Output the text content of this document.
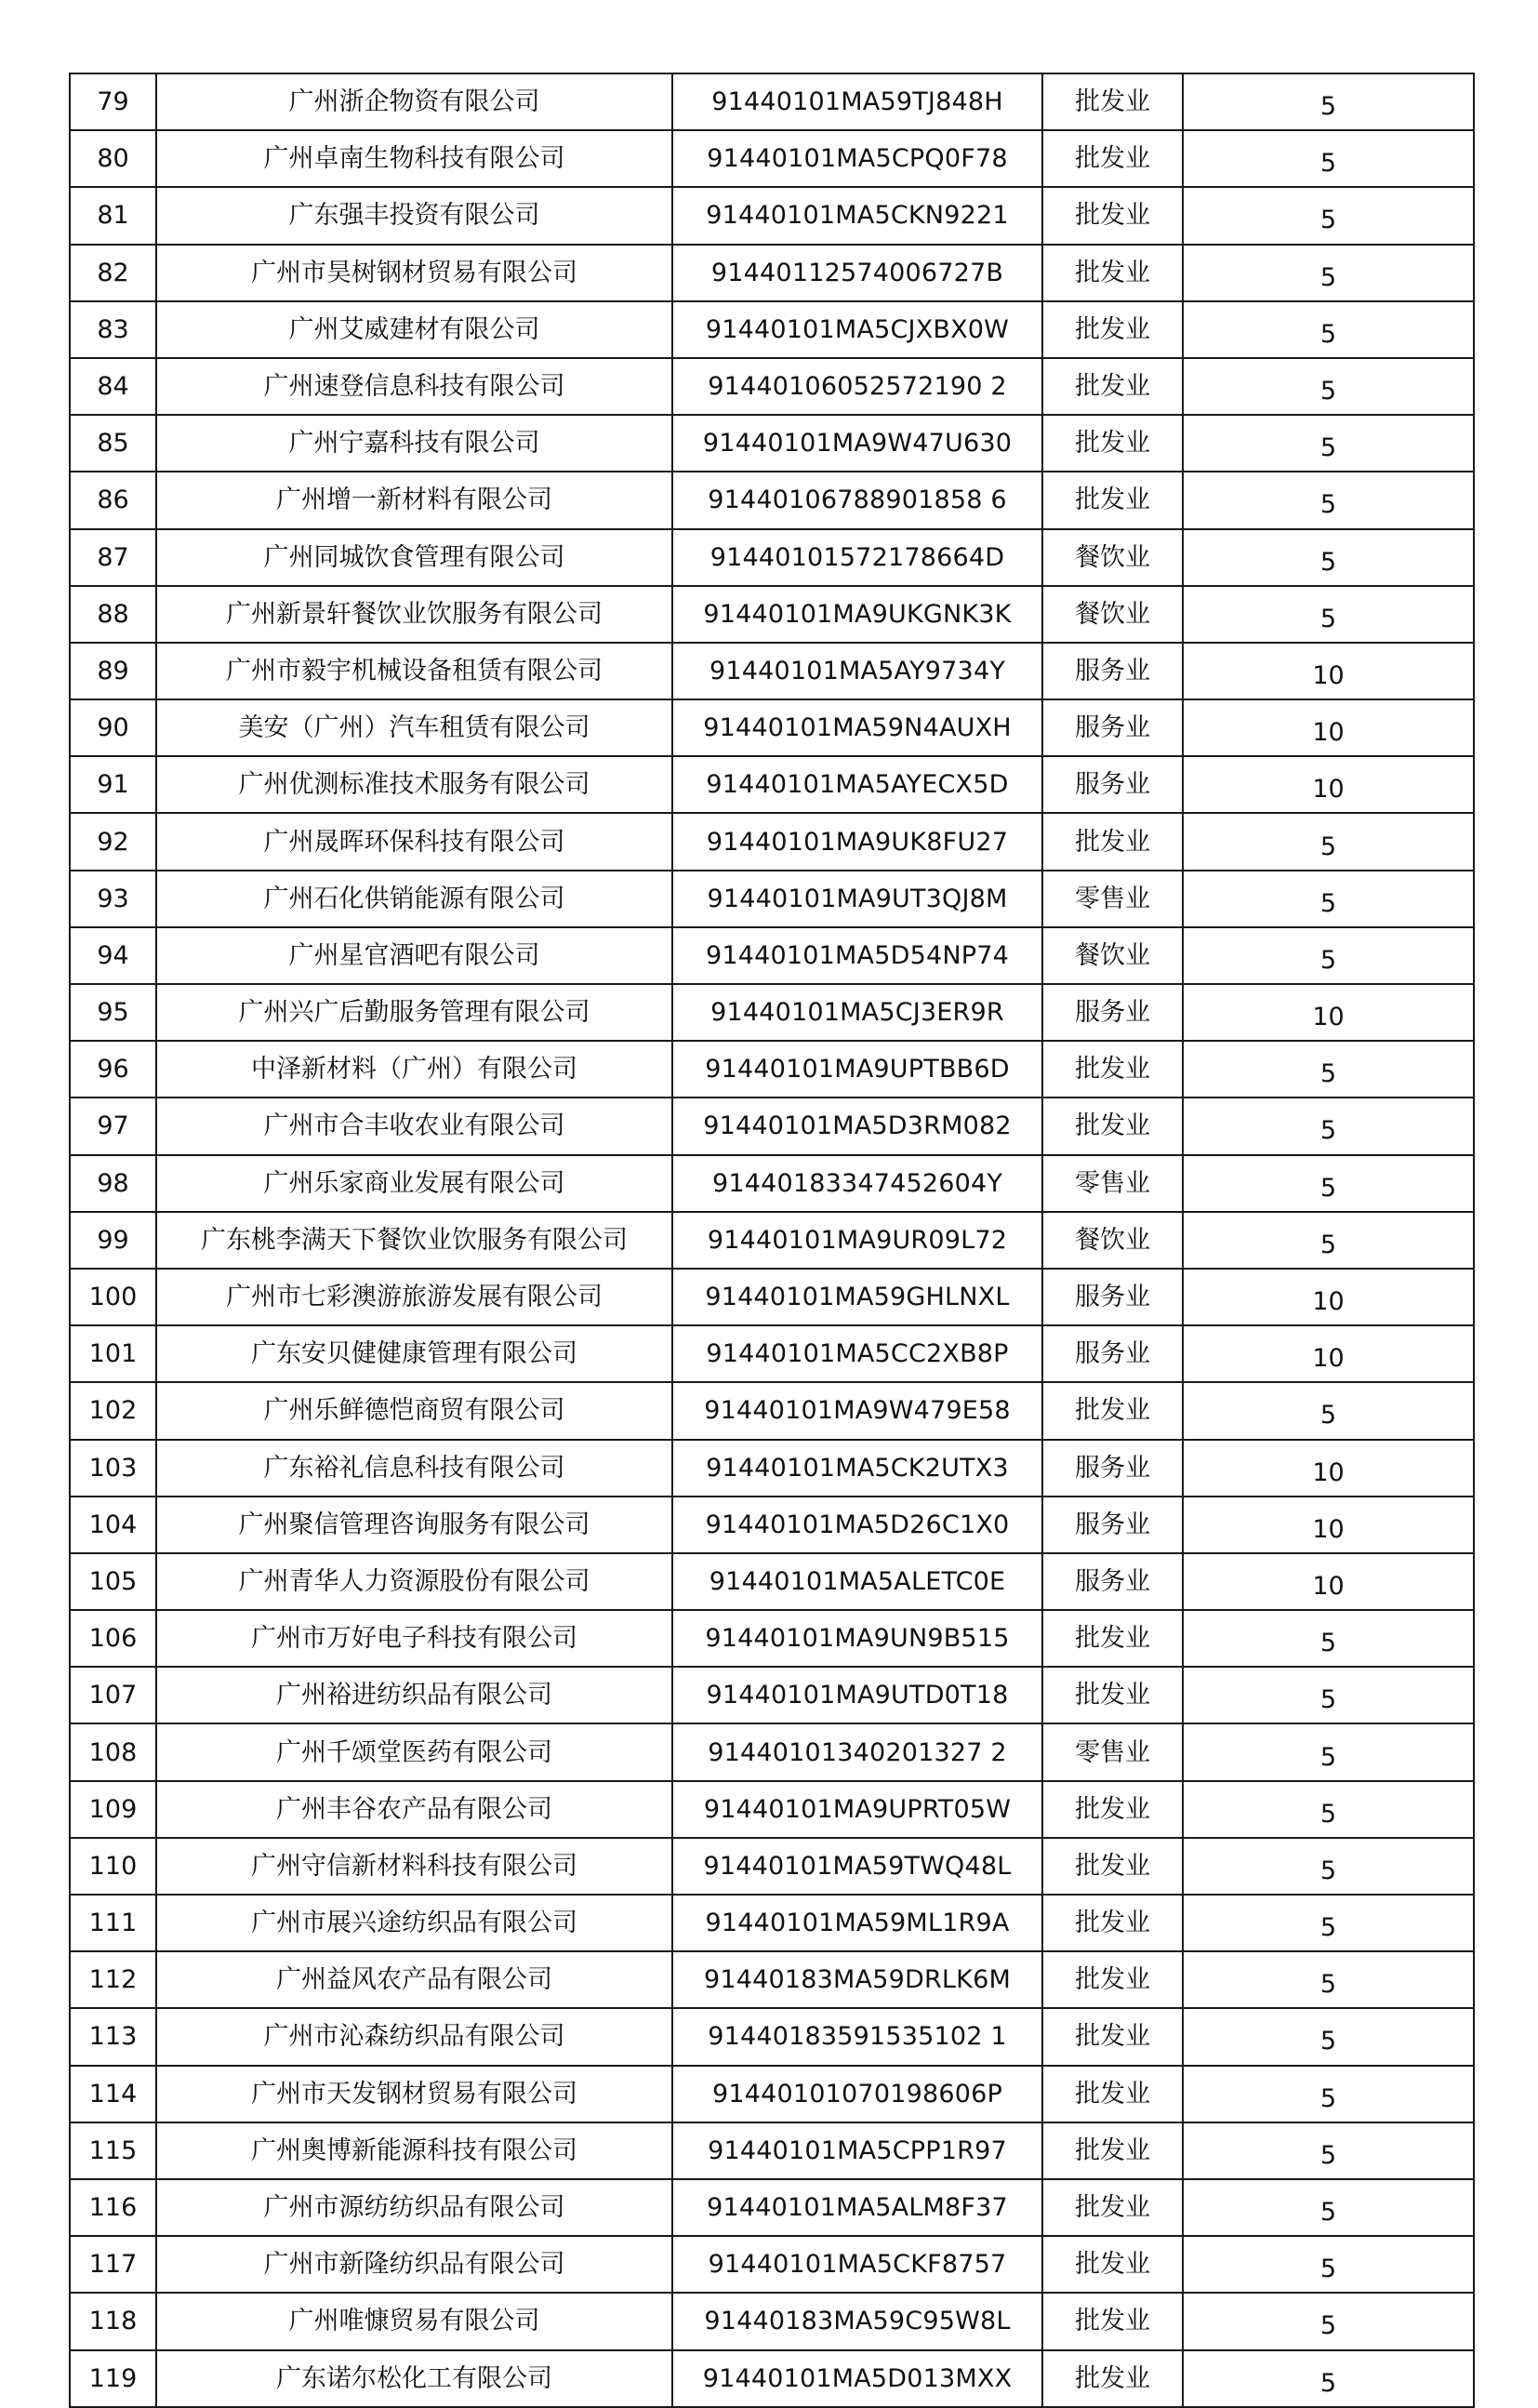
79	广州浙企物资有限公司	91440101MA59TJ848H	批发业	5
80	广州卓南生物科技有限公司	91440101MA5CPQ0F78	批发业	5
81	广东强丰投资有限公司	91440101MA5CKN9221	批发业	5
82	广州市昊树钢材贸易有限公司	91440112574006727B	批发业	5
83	广州艾威建材有限公司	91440101MA5CJXBX0W	批发业	5
84	广州速登信息科技有限公司	91440106052572190 2	批发业	5
85	广州宁嘉科技有限公司	91440101MA9W47U630	批发业	5
86	广州增一新材料有限公司	91440106788901858 6	批发业	5
87	广州同城饮食管理有限公司	91440101572178664D	餐饮业	5
88	广州新景轩餐饮业饮服务有限公司	91440101MA9UKGNK3K	餐饮业	5
89	广州市毅宇机械设备租赁有限公司	91440101MA5AY9734Y	服务业	10
90	美安（广州）汽车租赁有限公司	91440101MA59N4AUXH	服务业	10
91	广州优测标准技术服务有限公司	91440101MA5AYECX5D	服务业	10
92	广州晟晖环保科技有限公司	91440101MA9UK8FU27	批发业	5
93	广州石化供销能源有限公司	91440101MA9UT3QJ8M	零售业	5
94	广州星官酒吧有限公司	91440101MA5D54NP74	餐饮业	5
95	广州兴广后勤服务管理有限公司	91440101MA5CJ3ER9R	服务业	10
96	中泽新材料（广州）有限公司	91440101MA9UPTBB6D	批发业	5
97	广州市合丰收农业有限公司	91440101MA5D3RM082	批发业	5
98	广州乐家商业发展有限公司	91440183347452604Y	零售业	5
99	广东桃李满天下餐饮业饮服务有限公司	91440101MA9UR09L72	餐饮业	5
100	广州市七彩澳游旅游发展有限公司	91440101MA59GHLNXL	服务业	10
101	广东安贝健健康管理有限公司	91440101MA5CC2XB8P	服务业	10
102	广州乐鲜德恺商贸有限公司	91440101MA9W479E58	批发业	5
103	广东裕礼信息科技有限公司	91440101MA5CK2UTX3	服务业	10
104	广州聚信管理咨询服务有限公司	91440101MA5D26C1X0	服务业	10
105	广州青华人力资源股份有限公司	91440101MA5ALETC0E	服务业	10
106	广州市万好电子科技有限公司	91440101MA9UN9B515	批发业	5
107	广州裕进纺织品有限公司	91440101MA9UTD0T18	批发业	5
108	广州千颂堂医药有限公司	91440101340201327 2	零售业	5
109	广州丰谷农产品有限公司	91440101MA9UPRT05W	批发业	5
110	广州守信新材料科技有限公司	91440101MA59TWQ48L	批发业	5
111	广州市展兴途纺织品有限公司	91440101MA59ML1R9A	批发业	5
112	广州益风农产品有限公司	91440183MA59DRLK6M	批发业	5
113	广州市沁森纺织品有限公司	91440183591535102 1	批发业	5
114	广州市天发钢材贸易有限公司	91440101070198606P	批发业	5
115	广州奥博新能源科技有限公司	91440101MA5CPP1R97	批发业	5
116	广州市源纺纺织品有限公司	91440101MA5ALM8F37	批发业	5
117	广州市新隆纺织品有限公司	91440101MA5CKF8757	批发业	5
118	广州唯慷贸易有限公司	91440183MA59C95W8L	批发业	5
119	广东诺尔松化工有限公司	91440101MA5D013MXX	批发业	5
